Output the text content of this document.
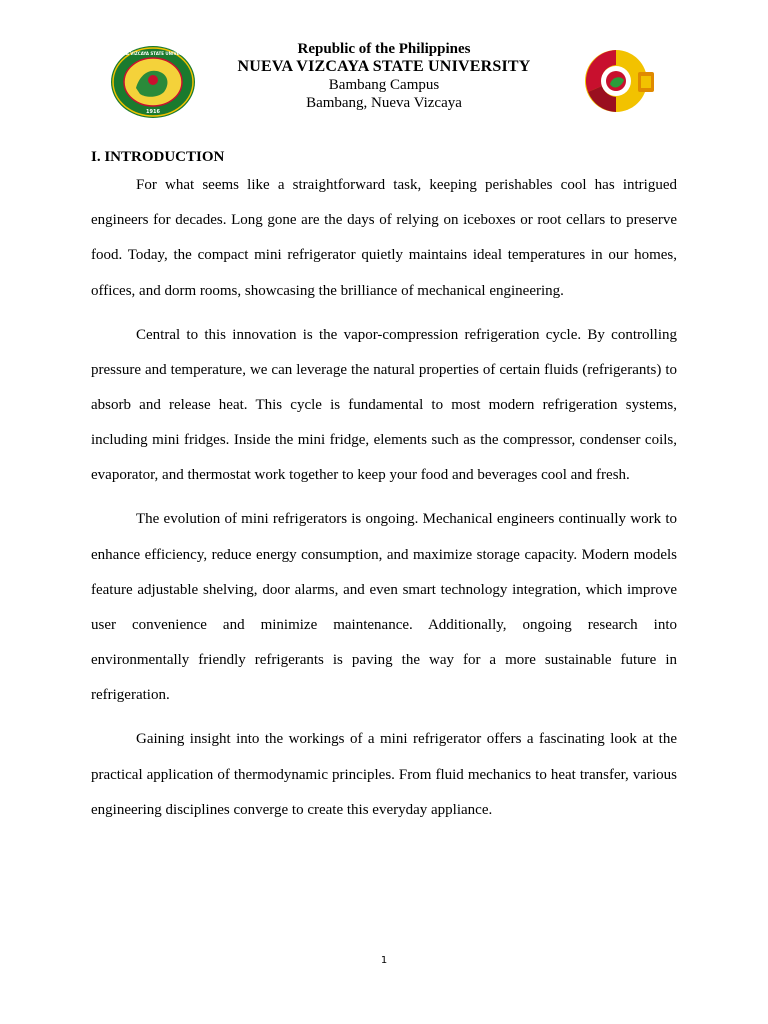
1916
NUEVA VIZCAYA STATE UNIVERSITY	Republic of the Philippines
NUEVA VIZCAYA STATE UNIVERSITY
Bambang Campus
Bambang, Nueva Vizcaya
I. INTRODUCTION

For what seems like a straightforward task, keeping perishables cool has intrigued engineers for decades. Long gone are the days of relying on iceboxes or root cellars to preserve food. Today, the compact mini refrigerator quietly maintains ideal temperatures in our homes, offices, and dorm rooms, showcasing the brilliance of mechanical engineering.

Central to this innovation is the vapor-compression refrigeration cycle. By controlling pressure and temperature, we can leverage the natural properties of certain fluids (refrigerants) to absorb and release heat. This cycle is fundamental to most modern refrigeration systems, including mini fridges. Inside the mini fridge, elements such as the compressor, condenser coils, evaporator, and thermostat work together to keep your food and beverages cool and fresh.

The evolution of mini refrigerators is ongoing. Mechanical engineers continually work to enhance efficiency, reduce energy consumption, and maximize storage capacity. Modern models feature adjustable shelving, door alarms, and even smart technology integration, which improve user convenience and minimize maintenance. Additionally, ongoing research into environmentally friendly refrigerants is paving the way for a more sustainable future in refrigeration.

Gaining insight into the workings of a mini refrigerator offers a fascinating look at the practical application of thermodynamic principles. From fluid mechanics to heat transfer, various engineering disciplines converge to create this everyday appliance.

1
